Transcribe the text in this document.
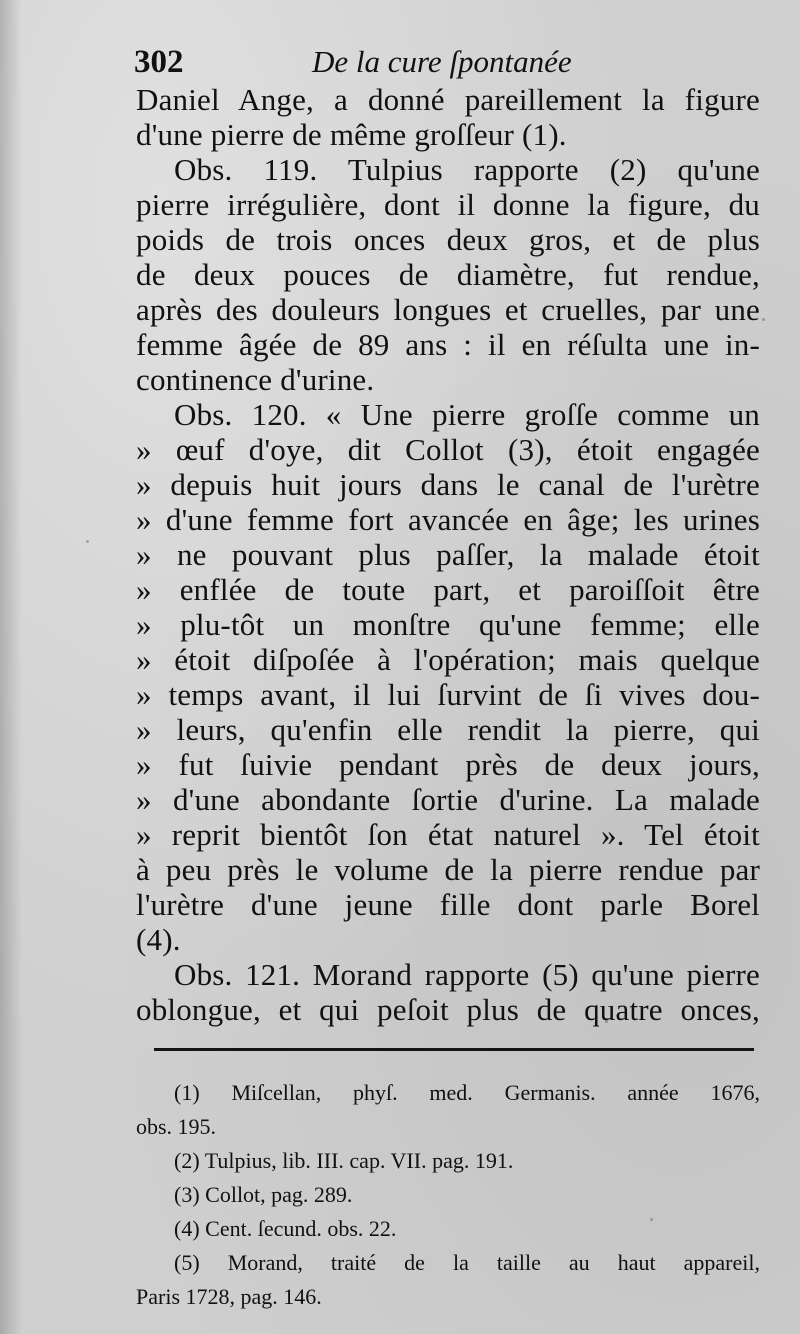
302	De la cure ſpontanée
Daniel Ange, a donné pareillement la figure
d'une pierre de même groſſeur (1).
Obs. 119. Tulpius rapporte (2) qu'une
pierre irrégulière, dont il donne la figure, du
poids de trois onces deux gros, et de plus
de deux pouces de diamètre, fut rendue,
après des douleurs longues et cruelles, par une
femme âgée de 89 ans : il en réſulta une in-
continence d'urine.
Obs. 120. « Une pierre groſſe comme un
» œuf d'oye, dit Collot (3), étoit engagée
» depuis huit jours dans le canal de l'urètre
» d'une femme fort avancée en âge; les urines
» ne pouvant plus paſſer, la malade étoit
» enflée de toute part, et paroiſſoit être
» plu-tôt un monſtre qu'une femme; elle
» étoit diſpoſée à l'opération; mais quelque
» temps avant, il lui ſurvint de ſi vives dou-
» leurs, qu'enfin elle rendit la pierre, qui
» fut ſuivie pendant près de deux jours,
» d'une abondante ſortie d'urine. La malade
» reprit bientôt ſon état naturel ». Tel étoit
à peu près le volume de la pierre rendue par
l'urètre d'une jeune fille dont parle Borel
(4).
Obs. 121. Morand rapporte (5) qu'une pierre
oblongue, et qui peſoit plus de quatre onces,
(1) Miſcellan, phyſ. med. Germanis. année 1676,
obs. 195.
(2) Tulpius, lib. III. cap. VII. pag. 191.
(3) Collot, pag. 289.
(4) Cent. ſecund. obs. 22.
(5) Morand, traité de la taille au haut appareil,
Paris 1728, pag. 146.
